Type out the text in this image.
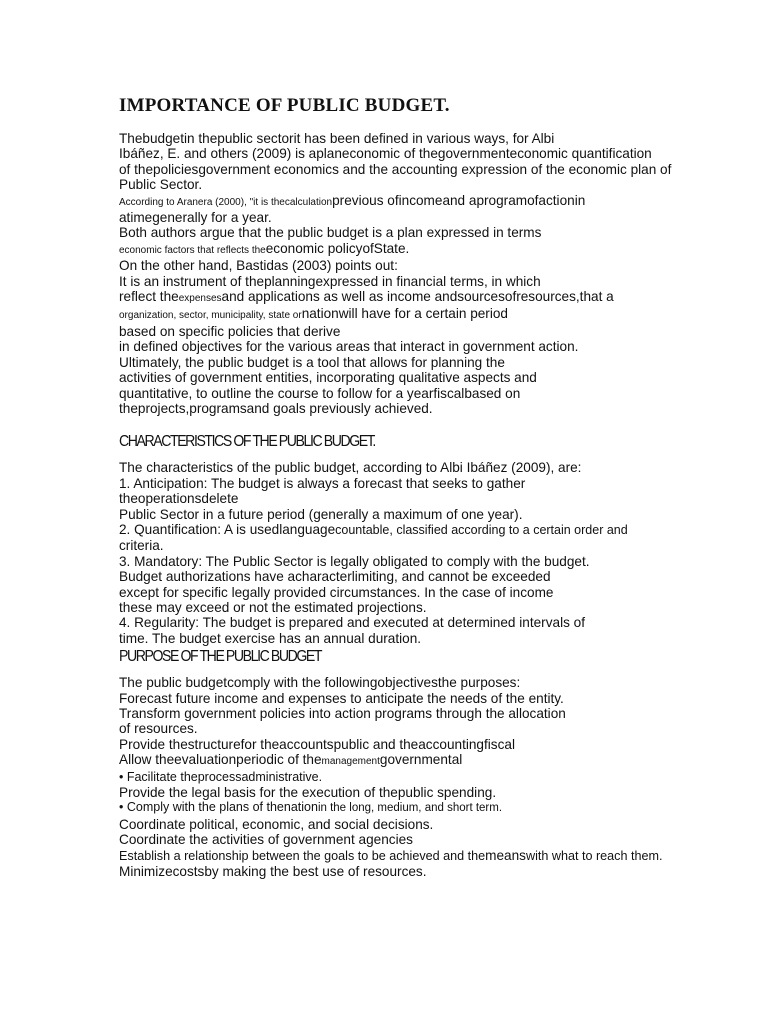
IMPORTANCE OF PUBLIC BUDGET.
Thebudgetin thepublic sectorit has been defined in various ways, for Albi
Ibáñez, E. and others (2009) is aplaneconomic of thegovernmenteconomic quantification
of thepoliciesgovernment economics and the accounting expression of the economic plan of
Public Sector.
According to Aranera (2000), "it is thecalculationprevious ofincomeand aprogramofactionin
atimegenerally for a year.
Both authors argue that the public budget is a plan expressed in terms
economic factors that reflects theeconomic policyofState.
On the other hand, Bastidas (2003) points out:
It is an instrument of theplanningexpressed in financial terms, in which
reflect theexpensesand applications as well as income andsourcesofresources,that a
organization, sector, municipality, state ornationwill have for a certain period
based on specific policies that derive
in defined objectives for the various areas that interact in government action.
Ultimately, the public budget is a tool that allows for planning the
activities of government entities, incorporating qualitative aspects and
quantitative, to outline the course to follow for a yearfiscalbased on
theprojects,programsand goals previously achieved.
CHARACTERISTICS OF THE PUBLIC BUDGET.
The characteristics of the public budget, according to Albi Ibáñez (2009), are:
1. Anticipation: The budget is always a forecast that seeks to gather
theoperationsdelete
Public Sector in a future period (generally a maximum of one year).
2. Quantification: A is usedlanguagecountable, classified according to a certain order and
criteria.
3. Mandatory: The Public Sector is legally obligated to comply with the budget.
Budget authorizations have acharacterlimiting, and cannot be exceeded
except for specific legally provided circumstances. In the case of income
these may exceed or not the estimated projections.
4. Regularity: The budget is prepared and executed at determined intervals of
time. The budget exercise has an annual duration.
PURPOSE OF THE PUBLIC BUDGET
The public budgetcomply with the followingobjectivesthe purposes:
Forecast future income and expenses to anticipate the needs of the entity.
Transform government policies into action programs through the allocation
of resources.
Provide thestructurefor theaccountspublic and theaccountingfiscal
Allow theevaluationperiodic of themanagementgovernmental
• Facilitate theprocessadministrative.
Provide the legal basis for the execution of thepublic spending.
• Comply with the plans of thenationin the long, medium, and short term.
Coordinate political, economic, and social decisions.
Coordinate the activities of government agencies
Establish a relationship between the goals to be achieved and themeanswith what to reach them.
Minimizecostsby making the best use of resources.
